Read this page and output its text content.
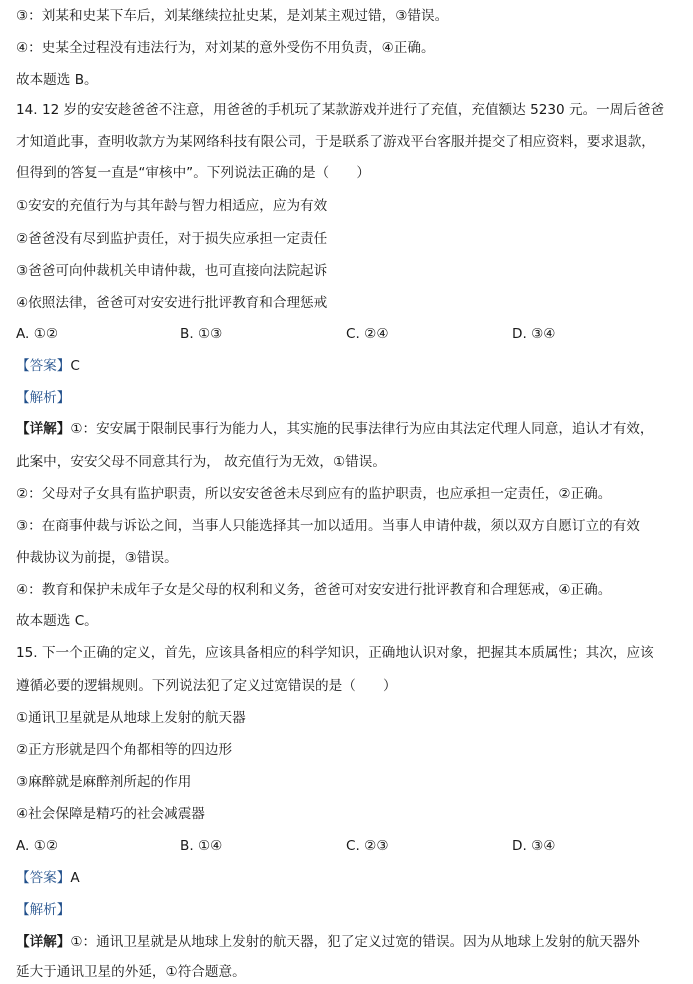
③：刘某和史某下车后，刘某继续拉扯史某，是刘某主观过错，③错误。
④：史某全过程没有违法行为，对刘某的意外受伤不用负责，④正确。
故本题选 B。
14. 12 岁的安安趁爸爸不注意，用爸爸的手机玩了某款游戏并进行了充值，充值额达 5230 元。一周后爸爸
才知道此事，查明收款方为某网络科技有限公司，于是联系了游戏平台客服并提交了相应资料，要求退款，
但得到的答复一直是“审核中”。下列说法正确的是（　　）
①安安的充值行为与其年龄与智力相适应，应为有效
②爸爸没有尽到监护责任，对于损失应承担一定责任
③爸爸可向仲裁机关申请仲裁，也可直接向法院起诉
④依照法律，爸爸可对安安进行批评教育和合理惩戒
A. ①②	B. ①③	C. ②④	D. ③④
【答案】C
【解析】
【详解】①：安安属于限制民事行为能力人，其实施的民事法律行为应由其法定代理人同意，追认才有效，
此案中，安安父母不同意其行为， 故充值行为无效，①错误。
②：父母对子女具有监护职责，所以安安爸爸未尽到应有的监护职责，也应承担一定责任，②正确。
③：在商事仲裁与诉讼之间，当事人只能选择其一加以适用。当事人申请仲裁，须以双方自愿订立的有效
仲裁协议为前提，③错误。
④：教育和保护未成年子女是父母的权利和义务，爸爸可对安安进行批评教育和合理惩戒，④正确。
故本题选 C。
15. 下一个正确的定义，首先，应该具备相应的科学知识，正确地认识对象，把握其本质属性；其次，应该
遵循必要的逻辑规则。下列说法犯了定义过宽错误的是（　　）
①通讯卫星就是从地球上发射的航天器
②正方形就是四个角都相等的四边形
③麻醉就是麻醉剂所起的作用
④社会保障是精巧的社会减震器
A. ①②	B. ①④	C. ②③	D. ③④
【答案】A
【解析】
【详解】①：通讯卫星就是从地球上发射的航天器，犯了定义过宽的错误。因为从地球上发射的航天器外
延大于通讯卫星的外延，①符合题意。
